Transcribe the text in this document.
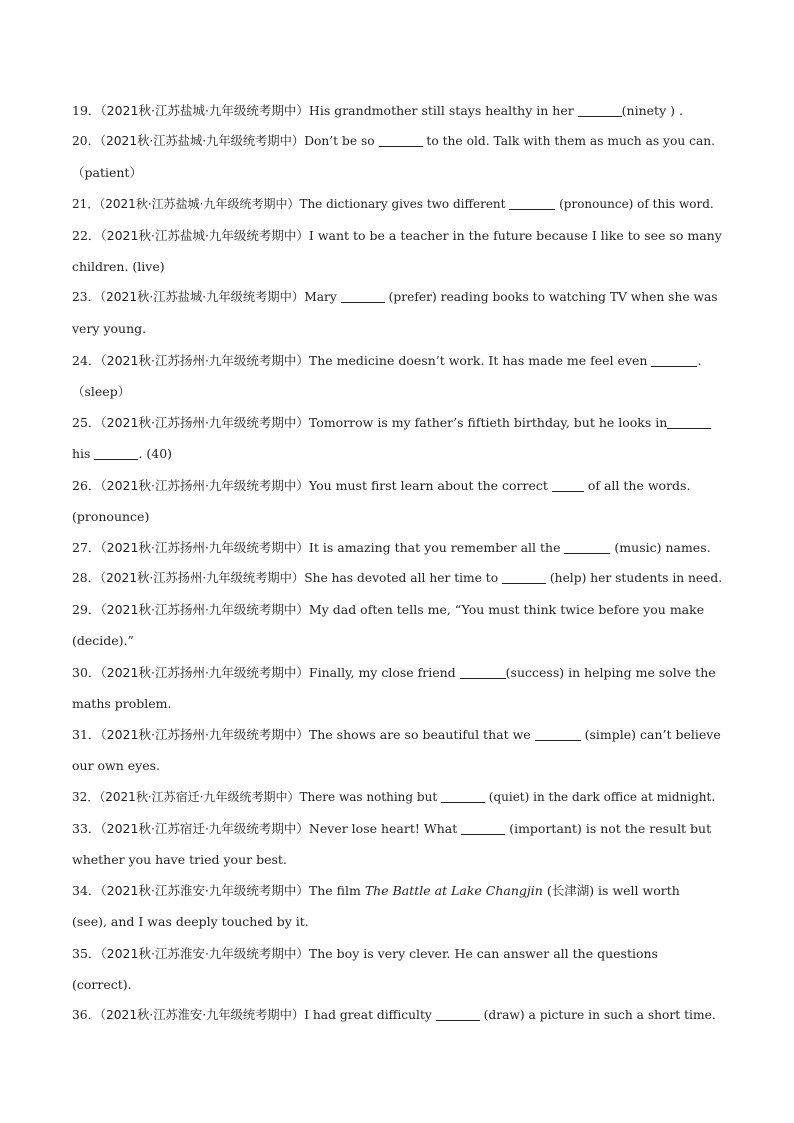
19．（2021秋·江苏盐城·九年级统考期中）His grandmother still stays healthy in her	(ninety ) .
20．（2021秋·江苏盐城·九年级统考期中）Don’t be so	to the old. Talk with them as much as you can.
（patient）
21．（2021秋·江苏盐城·九年级统考期中）The dictionary gives two different	(pronounce) of this word.
22．（2021秋·江苏盐城·九年级统考期中）I want to be a teacher in the future because I like to see so many
children. (live)
23．（2021秋·江苏盐城·九年级统考期中）Mary	(prefer) reading books to watching TV when she was
very young.
24．（2021秋·江苏扬州·九年级统考期中）The medicine doesn’t work. It has made me feel even	.
（sleep）
25．（2021秋·江苏扬州·九年级统考期中）Tomorrow is my father’s fiftieth birthday, but he looks in
his	. (40)
26．（2021秋·江苏扬州·九年级统考期中）You must first learn about the correct	of all the words.
(pronounce)
27．（2021秋·江苏扬州·九年级统考期中）It is amazing that you remember all the	(music) names.
28．（2021秋·江苏扬州·九年级统考期中）She has devoted all her time to	(help) her students in need.
29．（2021秋·江苏扬州·九年级统考期中）My dad often tells me, “You must think twice before you make
(decide).”
30．（2021秋·江苏扬州·九年级统考期中）Finally, my close friend	(success) in helping me solve the
maths problem.
31．（2021秋·江苏扬州·九年级统考期中）The shows are so beautiful that we	(simple) can’t believe
our own eyes.
32．（2021秋·江苏宿迁·九年级统考期中）There was nothing but	(quiet) in the dark office at midnight.
33．（2021秋·江苏宿迁·九年级统考期中）Never lose heart! What	(important) is not the result but
whether you have tried your best.
34．（2021秋·江苏淮安·九年级统考期中）The film The Battle at Lake Changjin (长津湖) is well worth
(see), and I was deeply touched by it.
35．（2021秋·江苏淮安·九年级统考期中）The boy is very clever. He can answer all the questions
(correct).
36．（2021秋·江苏淮安·九年级统考期中）I had great difficulty	(draw) a picture in such a short time.
